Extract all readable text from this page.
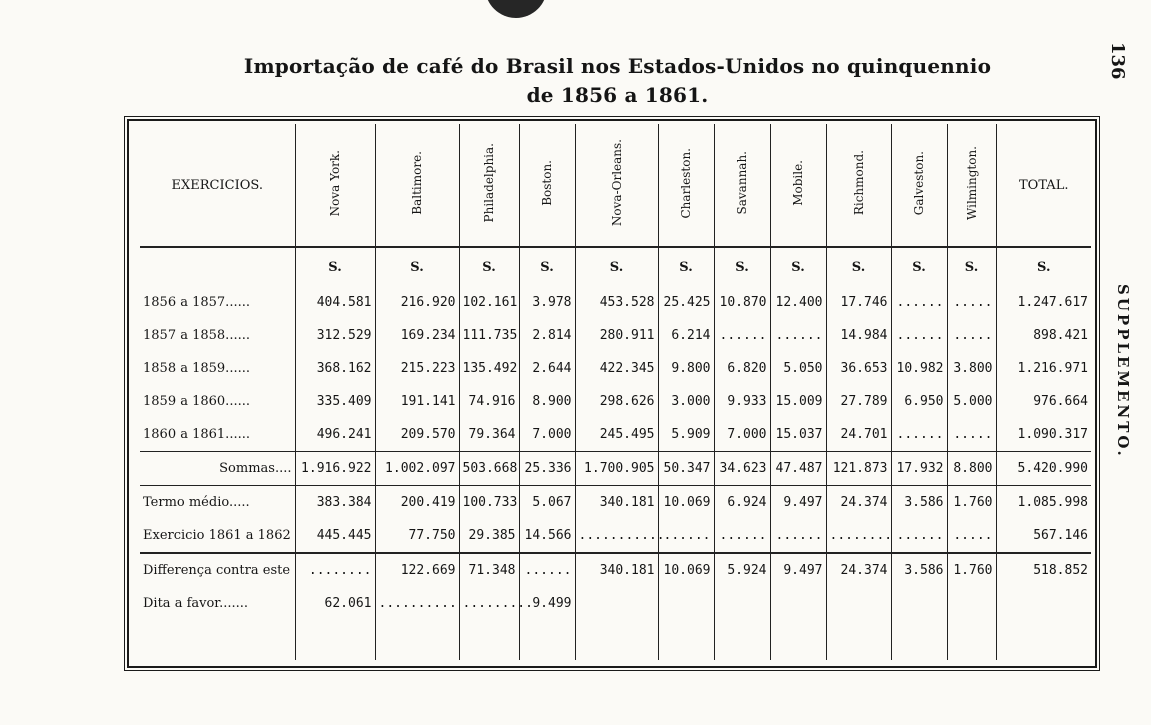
Importação de café do Brasil nos Estados-Unidos no quinquennio
de 1856 a 1861.
136
SUPPLEMENTO.
EXERCICIOS.	Nova York.	Baltimore.	Philadelphia.	Boston.	Nova-Orleans.	Charleston.	Savannah.	Mobile.	Richmond.	Galveston.	Wilmington.	TOTAL.
	S.	S.	S.	S.	S.	S.	S.	S.	S.	S.	S.	S.
1856 a 1857......	404.581	216.920	102.161	3.978	453.528	25.425	10.870	12.400	17.746	......	.....	1.247.617
1857 a 1858......	312.529	169.234	111.735	2.814	280.911	6.214	......	......	14.984	......	.....	898.421
1858 a 1859......	368.162	215.223	135.492	2.644	422.345	9.800	6.820	5.050	36.653	10.982	3.800	1.216.971
1859 a 1860......	335.409	191.141	74.916	8.900	298.626	3.000	9.933	15.009	27.789	6.950	5.000	976.664
1860 a 1861......	496.241	209.570	79.364	7.000	245.495	5.909	7.000	15.037	24.701	......	.....	1.090.317
Sommas....	1.916.922	1.002.097	503.668	25.336	1.700.905	50.347	34.623	47.487	121.873	17.932	8.800	5.420.990
Termo médio.....	383.384	200.419	100.733	5.067	340.181	10.069	6.924	9.497	24.374	3.586	1.760	1.085.998
Exercicio 1861 a 1862	445.445	77.750	29.385	14.566	...........	......	......	......	........	......	.....	567.146
Differença contra este	........	122.669	71.348	......	340.181	10.069	5.924	9.497	24.374	3.586	1.760	518.852
Dita a favor.......	62.061	..........	.........	9.499								
